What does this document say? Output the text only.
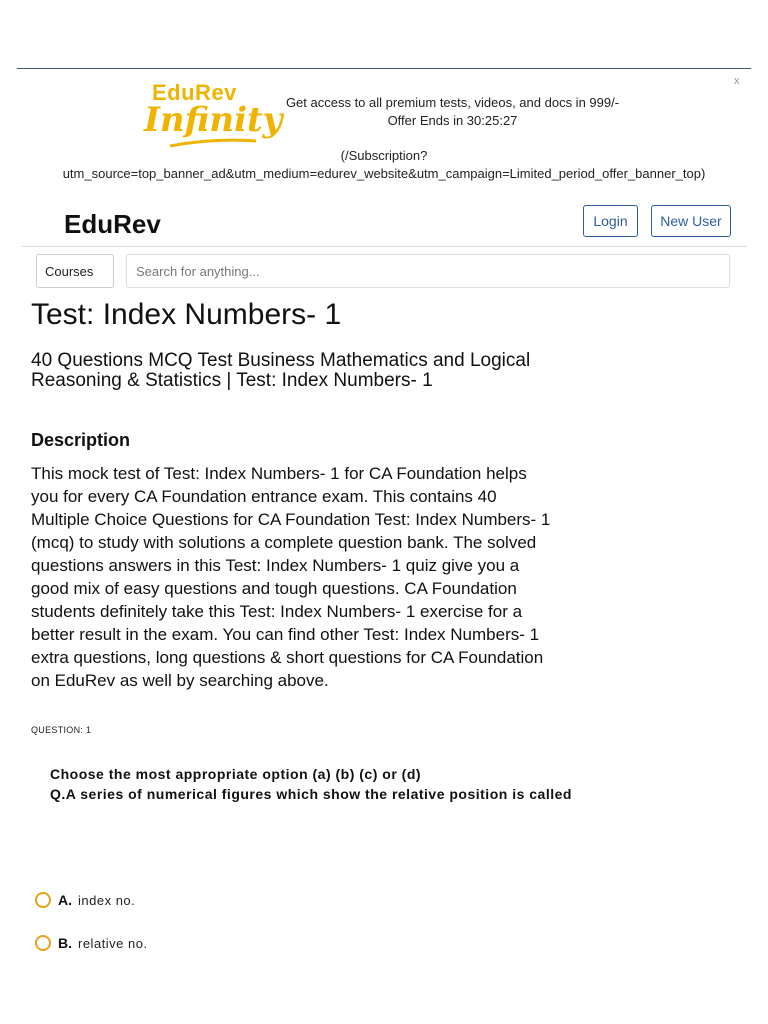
x
EduRev
Infinity Get access to all premium tests, videos, and docs in 999/-
Offer Ends in 30:25:27
(/Subscription?
utm_source=top_banner_ad&utm_medium=edurev_website&utm_campaign=Limited_period_offer_banner_top)
EduRev	Login	New User
Courses
Search for anything...
Test: Index Numbers- 1
40 Questions MCQ Test Business Mathematics and Logical Reasoning & Statistics | Test: Index Numbers- 1
Description

This mock test of Test: Index Numbers- 1 for CA Foundation helps you for every CA Foundation entrance exam. This contains 40 Multiple Choice Questions for CA Foundation Test: Index Numbers- 1 (mcq) to study with solutions a complete question bank. The solved questions answers in this Test: Index Numbers- 1 quiz give you a good mix of easy questions and tough questions. CA Foundation students definitely take this Test: Index Numbers- 1 exercise for a better result in the exam. You can find other Test: Index Numbers- 1 extra questions, long questions & short questions for CA Foundation on EduRev as well by searching above.

QUESTION: 1
Choose the most appropriate option (a) (b) (c) or (d)
Q.A series of numerical figures which show the relative position is called
A. index no.
B. relative no.
